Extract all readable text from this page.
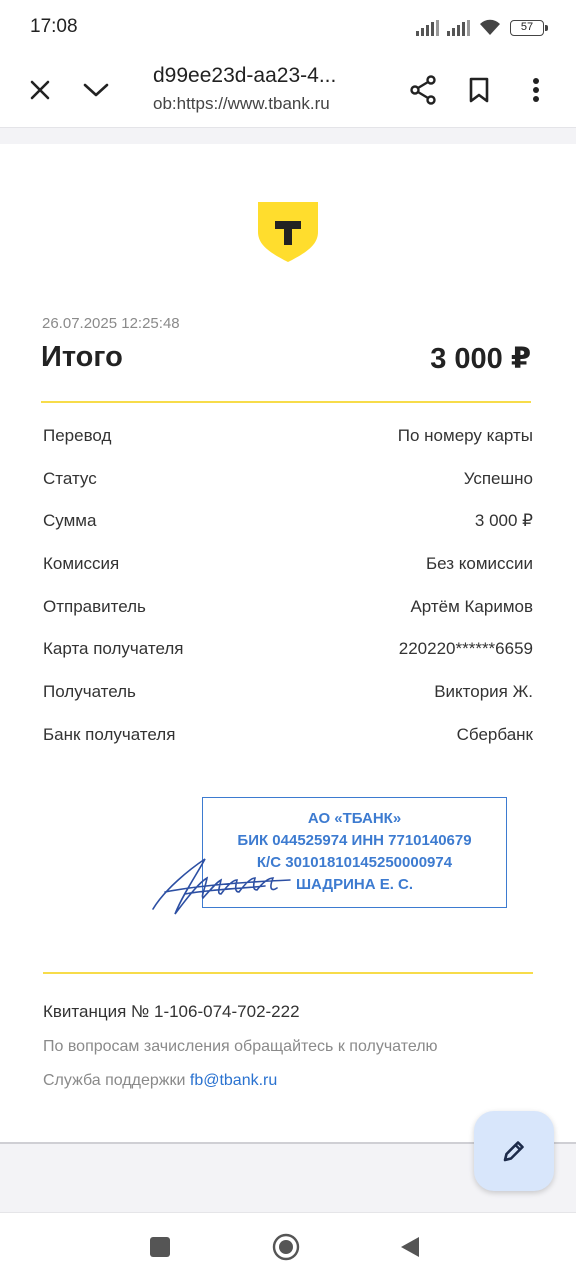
17:08	57
d99ee23d-aa23-4...
ob:https://www.tbank.ru
26.07.2025 12:25:48
Итого	3 000 ₽
Перевод	По номеру карты
Статус	Успешно
Сумма	3 000 ₽
Комиссия	Без комиссии
Отправитель	Артём Каримов
Карта получателя	220220******6659
Получатель	Виктория Ж.
Банк получателя	Сбербанк
АО «ТБАНК»
БИК 044525974 ИНН 7710140679
К/С 30101810145250000974
ШАДРИНА Е. С.
Квитанция № 1-106-074-702-222
По вопросам зачисления обращайтесь к получателю
Служба поддержки fb@tbank.ru
